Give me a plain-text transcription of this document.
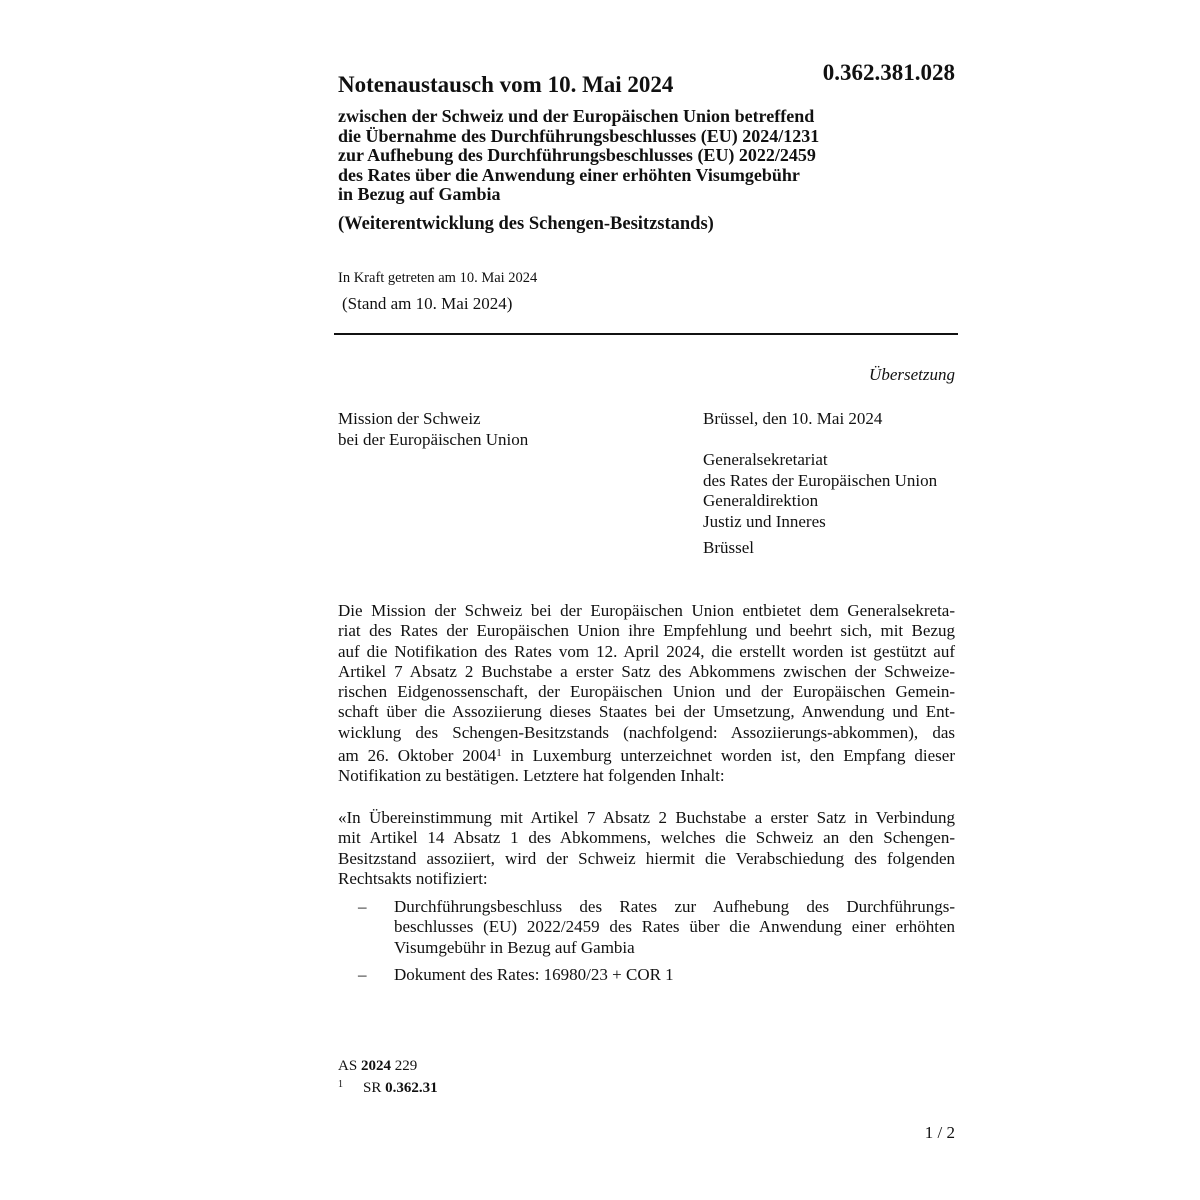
0.362.381.028
Notenaustausch vom 10. Mai 2024
zwischen der Schweiz und der Europäischen Union betreffend
die Übernahme des Durchführungsbeschlusses (EU) 2024/1231
zur Aufhebung des Durchführungsbeschlusses (EU) 2022/2459
des Rates über die Anwendung einer erhöhten Visumgebühr
in Bezug auf Gambia
(Weiterentwicklung des Schengen-Besitzstands)
In Kraft getreten am 10. Mai 2024
(Stand am 10. Mai 2024)
Übersetzung
Mission der Schweiz
bei der Europäischen Union
Brüssel, den 10. Mai 2024
Generalsekretariat
des Rates der Europäischen Union
Generaldirektion
Justiz und Inneres
Brüssel
Die Mission der Schweiz bei der Europäischen Union entbietet dem Generalsekreta-
riat des Rates der Europäischen Union ihre Empfehlung und beehrt sich, mit Bezug
auf die Notifikation des Rates vom 12. April 2024, die erstellt worden ist gestützt auf
Artikel 7 Absatz 2 Buchstabe a erster Satz des Abkommens zwischen der Schweize-
rischen Eidgenossenschaft, der Europäischen Union und der Europäischen Gemein-
schaft über die Assoziierung dieses Staates bei der Umsetzung, Anwendung und Ent-
wicklung des Schengen-Besitzstands (nachfolgend: Assoziierungs-abkommen), das
am 26. Oktober 2004$^1$ in Luxemburg unterzeichnet worden ist, den Empfang dieser
Notifikation zu bestätigen. Letztere hat folgenden Inhalt:
«In Übereinstimmung mit Artikel 7 Absatz 2 Buchstabe a erster Satz in Verbindung
mit Artikel 14 Absatz 1 des Abkommens, welches die Schweiz an den Schengen-
Besitzstand assoziiert, wird der Schweiz hiermit die Verabschiedung des folgenden
Rechtsakts notifiziert:
–	Durchführungsbeschluss des Rates zur Aufhebung des Durchführungs-
beschlusses (EU) 2022/2459 des Rates über die Anwendung einer erhöhten
Visumgebühr in Bezug auf Gambia
–	Dokument des Rates: 16980/23 + COR 1
AS 2024 229
$^1$ SR 0.362.31
1 / 2
